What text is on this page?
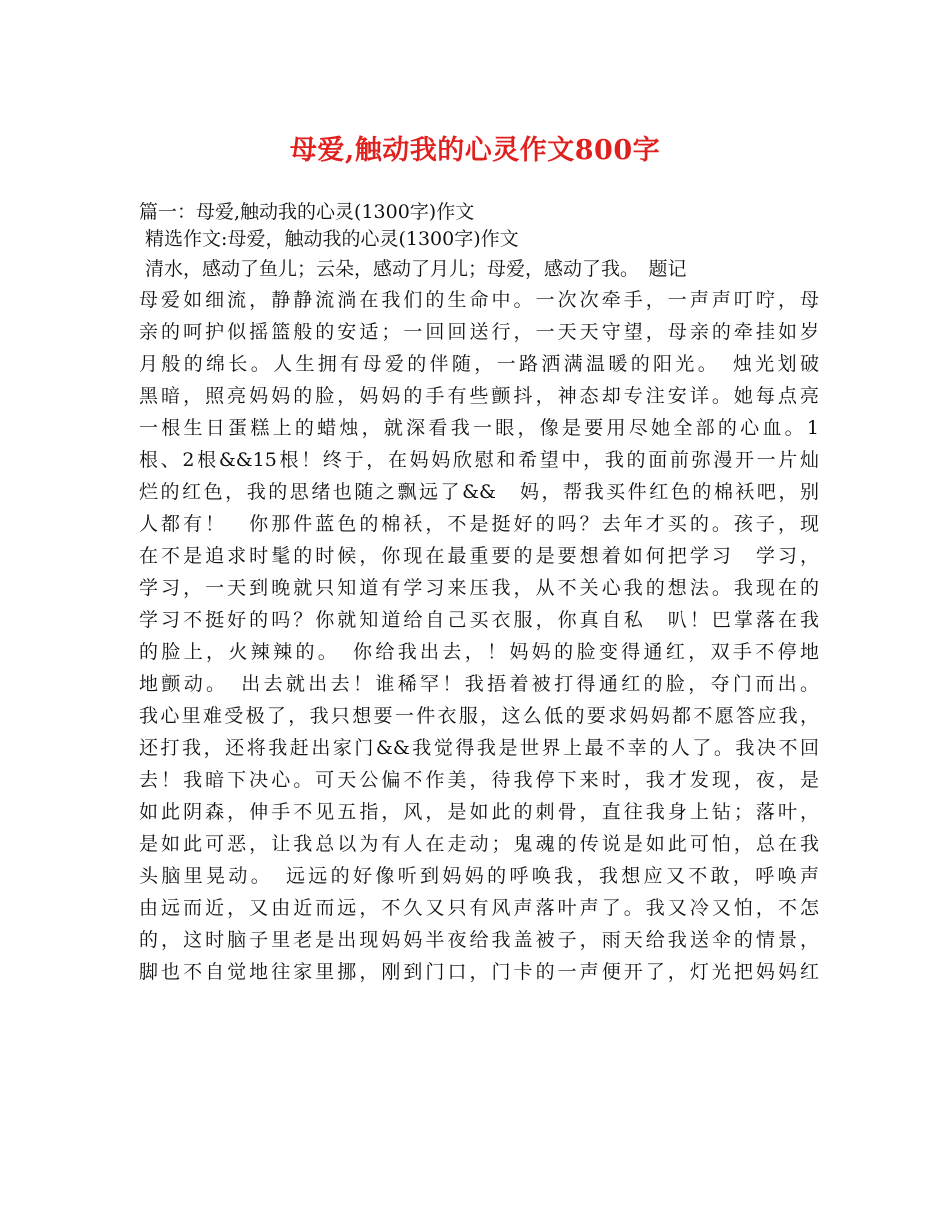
母爱,触动我的心灵作文800字
篇一：母爱,触动我的心灵(1300字)作文
精选作文:母爱，触动我的心灵(1300字)作文
清水，感动了鱼儿；云朵，感动了月儿；母爱，感动了我。　题记
母爱如细流，静静流淌在我们的生命中。一次次牵手，一声声叮咛，母
亲的呵护似摇篮般的安适；一回回送行，一天天守望，母亲的牵挂如岁
月般的绵长。人生拥有母爱的伴随，一路洒满温暖的阳光。　烛光划破
黑暗，照亮妈妈的脸，妈妈的手有些颤抖，神态却专注安详。她每点亮
一根生日蛋糕上的蜡烛，就深看我一眼，像是要用尽她全部的心血。1
根、2根&&15根！终于，在妈妈欣慰和希望中，我的面前弥漫开一片灿
烂的红色，我的思绪也随之飘远了&&　妈，帮我买件红色的棉袄吧，别
人都有！　你那件蓝色的棉袄，不是挺好的吗？去年才买的。孩子，现
在不是追求时髦的时候，你现在最重要的是要想着如何把学习　学习，
学习，一天到晚就只知道有学习来压我，从不关心我的想法。我现在的
学习不挺好的吗？你就知道给自己买衣服，你真自私　叭！巴掌落在我
的脸上，火辣辣的。　你给我出去，！妈妈的脸变得通红，双手不停地
地颤动。　出去就出去！谁稀罕！我捂着被打得通红的脸，夺门而出。
我心里难受极了，我只想要一件衣服，这么低的要求妈妈都不愿答应我，
还打我，还将我赶出家门&&我觉得我是世界上最不幸的人了。我决不回
去！我暗下决心。可天公偏不作美，待我停下来时，我才发现，夜，是
如此阴森，伸手不见五指，风，是如此的刺骨，直往我身上钻；落叶，
是如此可恶，让我总以为有人在走动；鬼魂的传说是如此可怕，总在我
头脑里晃动。　远远的好像听到妈妈的呼唤我，我想应又不敢，呼唤声
由远而近，又由近而远，不久又只有风声落叶声了。我又冷又怕，不怎
的，这时脑子里老是出现妈妈半夜给我盖被子，雨天给我送伞的情景，
脚也不自觉地往家里挪，刚到门口，门卡的一声便开了，灯光把妈妈红
